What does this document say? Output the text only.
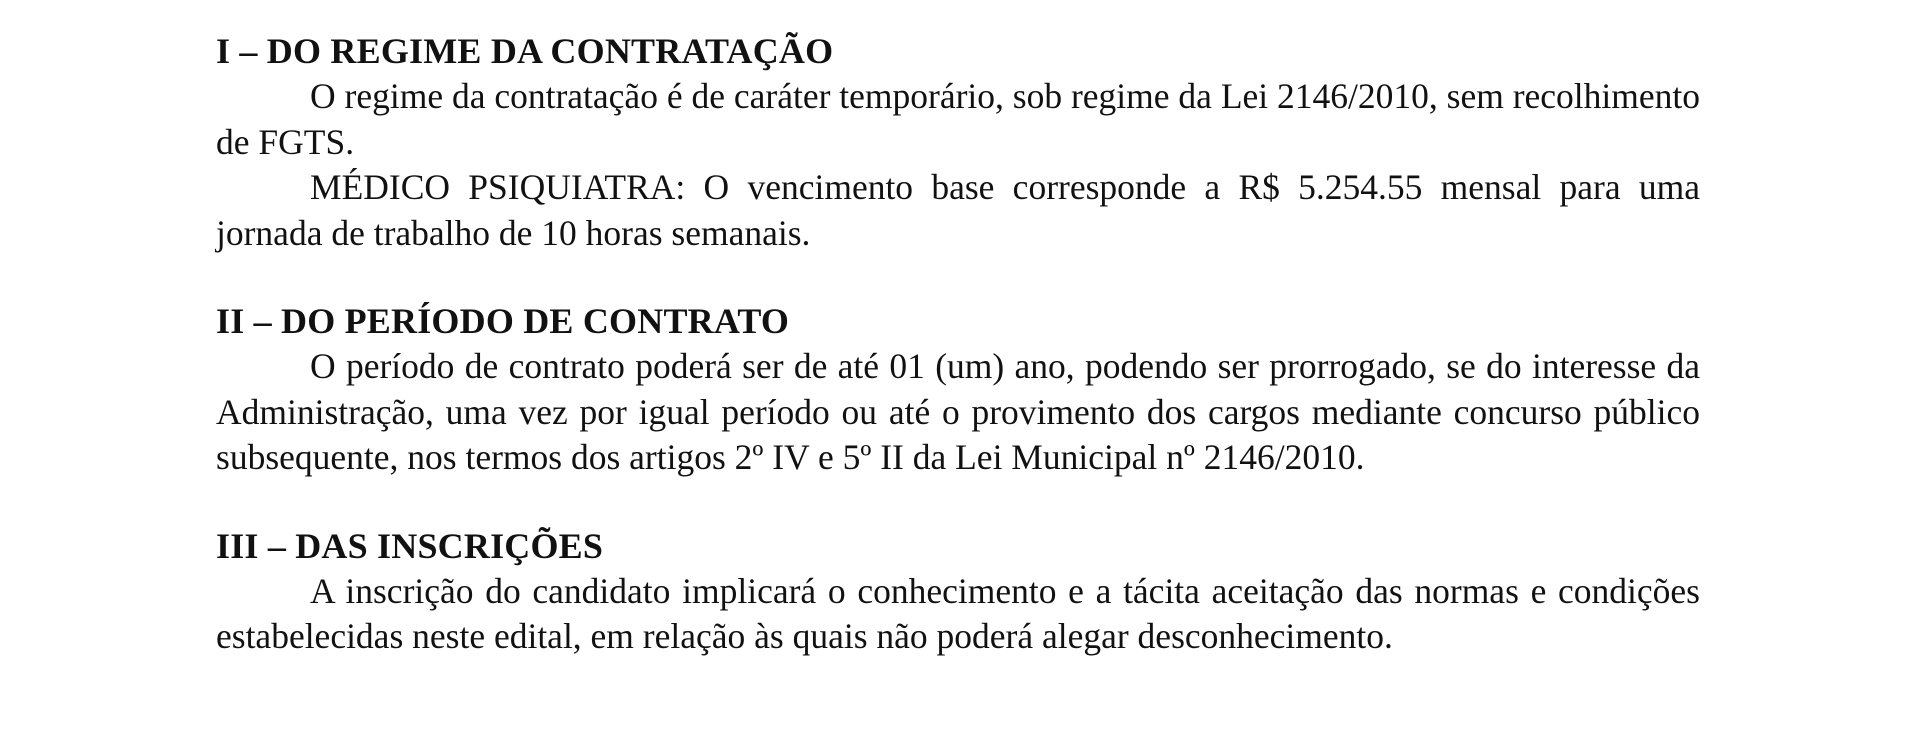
I – DO REGIME DA CONTRATAÇÃO

O regime da contratação é de caráter temporário, sob regime da Lei 2146/2010, sem recolhimento de FGTS.

MÉDICO PSIQUIATRA: O vencimento base corresponde a R$ 5.254.55 mensal para uma jornada de trabalho de 10 horas semanais.

II – DO PERÍODO DE CONTRATO

O período de contrato poderá ser de até 01 (um) ano, podendo ser prorrogado, se do interesse da Administração, uma vez por igual período ou até o provimento dos cargos mediante concurso público subsequente, nos termos dos artigos 2º IV e 5º II da Lei Municipal nº 2146/2010.

III – DAS INSCRIÇÕES

A inscrição do candidato implicará o conhecimento e a tácita aceitação das normas e condições estabelecidas neste edital, em relação às quais não poderá alegar desconhecimento.
